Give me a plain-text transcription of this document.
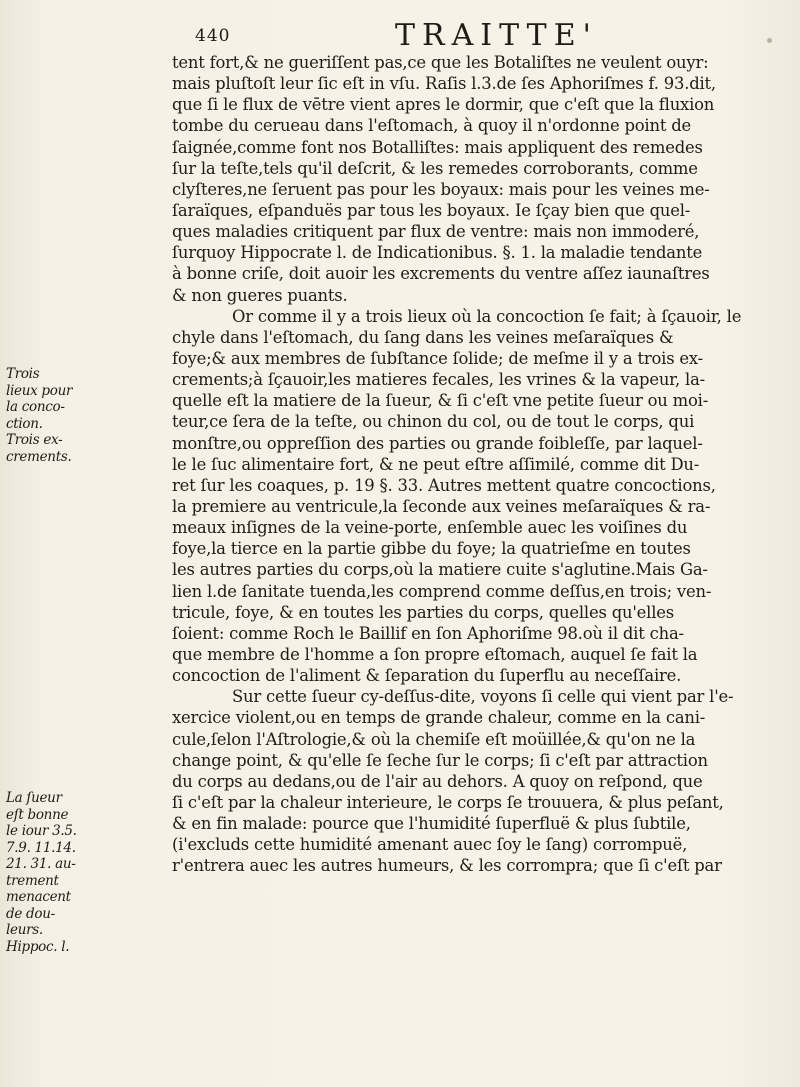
440	TRAITTE'
Trois
lieux pour
la conco-
ction.
Trois ex-
crements.
La ſueur
eſt bonne
le iour 3.5.
7.9. 11.14.
21. 31. au-
trement
menacent
de dou-
leurs.
Hippoc. l.
tent fort,& ne gueriſſent pas,ce que les Botaliſtes ne veulent ouyr:
mais pluſtoſt leur ſic eſt in vſu. Raſis l.3.de ſes Aphoriſmes f. 93.dit,
que ſi le flux de vētre vient apres le dormir, que c'eſt que la fluxion
tombe du cerueau dans l'eſtomach, à quoy il n'ordonne point de
ſaignée,comme font nos Botalliſtes: mais appliquent des remedes
ſur la teſte,tels qu'il deſcrit, & les remedes corroborants, comme
clyſteres,ne ſeruent pas pour les boyaux: mais pour les veines me-
ſaraïques, eſpanduës par tous les boyaux. Ie ſçay bien que quel-
ques maladies critiquent par flux de ventre: mais non immoderé,
ſurquoy Hippocrate l. de Indicationibus. §. 1. la maladie tendante
à bonne criſe, doit auoir les excrements du ventre aſſez iaunaſtres
& non gueres puants.
Or comme il y a trois lieux où la concoction ſe fait; à ſçauoir, le
chyle dans l'eſtomach, du ſang dans les veines meſaraïques &
foye;& aux membres de ſubſtance ſolide; de meſme il y a trois ex-
crements;à ſçauoir,les matieres fecales, les vrines & la vapeur, la-
quelle eſt la matiere de la ſueur, & ſi c'eſt vne petite ſueur ou moi-
teur,ce ſera de la teſte, ou chinon du col, ou de tout le corps, qui
monſtre,ou oppreſſion des parties ou grande foibleſſe, par laquel-
le le ſuc alimentaire fort, & ne peut eſtre aſſimilé, comme dit Du-
ret ſur les coaques, p. 19 §. 33. Autres mettent quatre concoctions,
la premiere au ventricule,la ſeconde aux veines meſaraïques & ra-
meaux inſignes de la veine-porte, enſemble auec les voiſines du
foye,la tierce en la partie gibbe du foye; la quatrieſme en toutes
les autres parties du corps,où la matiere cuite s'aglutine.Mais Ga-
lien l.de ſanitate tuenda,les comprend comme deſſus,en trois; ven-
tricule, foye, & en toutes les parties du corps, quelles qu'elles
ſoient: comme Roch le Baillif en ſon Aphoriſme 98.où il dit cha-
que membre de l'homme a ſon propre eſtomach, auquel ſe fait la
concoction de l'aliment & ſeparation du ſuperflu au neceſſaire.
Sur cette ſueur cy-deſſus-dite, voyons ſi celle qui vient par l'e-
xercice violent,ou en temps de grande chaleur, comme en la cani-
cule,ſelon l'Aſtrologie,& où la chemiſe eſt moüillée,& qu'on ne la
change point, & qu'elle ſe ſeche ſur le corps; ſi c'eſt par attraction
du corps au dedans,ou de l'air au dehors. A quoy on reſpond, que
ſi c'eſt par la chaleur interieure, le corps ſe trouuera, & plus peſant,
& en fin malade: pource que l'humidité ſuperfluë & plus ſubtile,
(i'excluds cette humidité amenant auec ſoy le ſang) corrompuë,
r'entrera auec les autres humeurs, & les corrompra; que ſi c'eſt par
